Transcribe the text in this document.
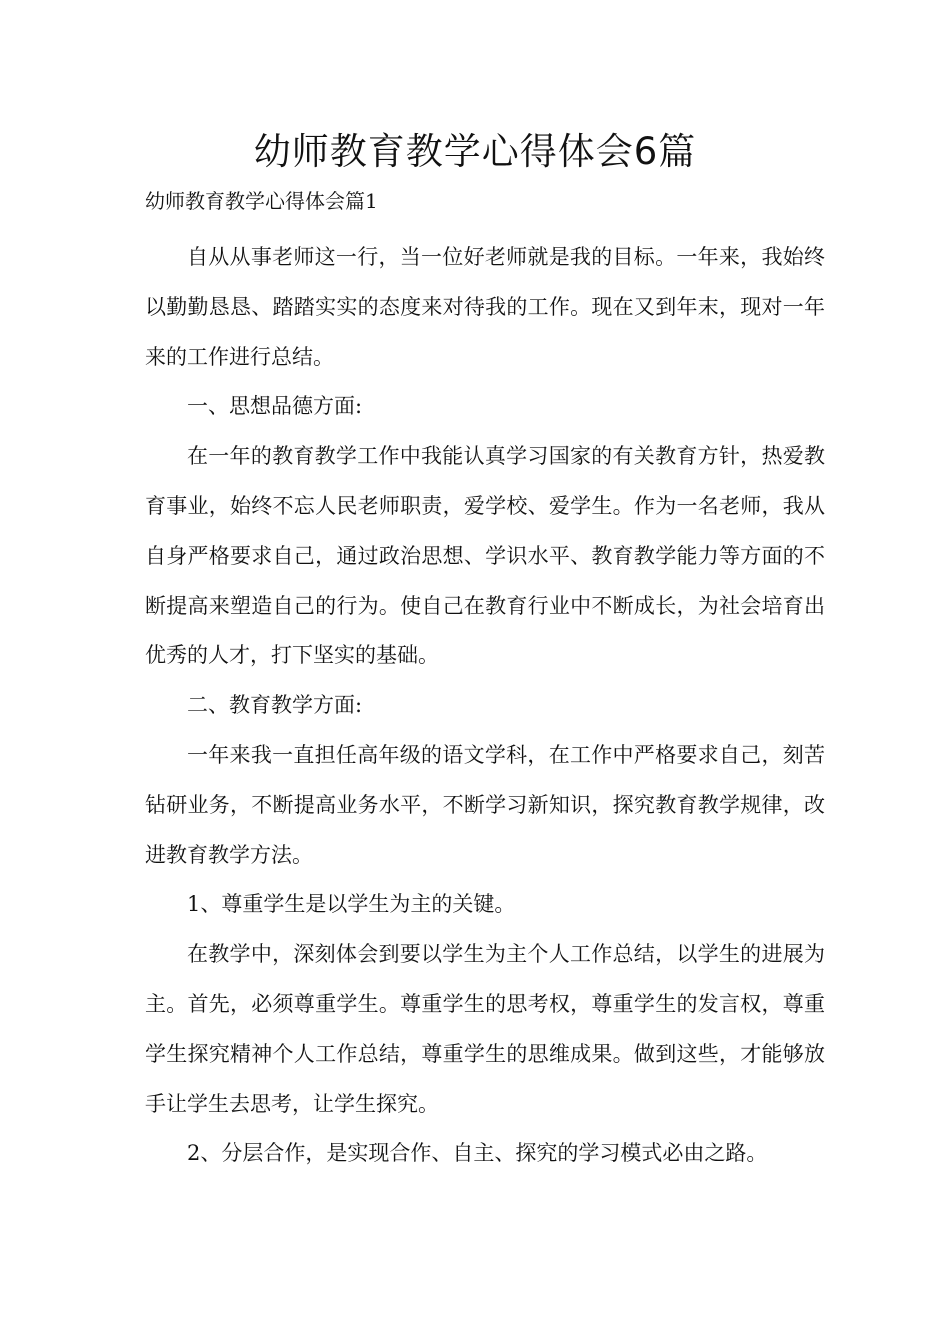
幼师教育教学心得体会6篇
幼师教育教学心得体会篇1

自从从事老师这一行，当一位好老师就是我的目标。一年来，我始终以勤勤恳恳、踏踏实实的态度来对待我的工作。现在又到年末，现对一年来的工作进行总结。

一、思想品德方面:

在一年的教育教学工作中我能认真学习国家的有关教育方针，热爱教育事业，始终不忘人民老师职责，爱学校、爱学生。作为一名老师，我从自身严格要求自己，通过政治思想、学识水平、教育教学能力等方面的不断提高来塑造自己的行为。使自己在教育行业中不断成长，为社会培育出优秀的人才，打下坚实的基础。

二、教育教学方面:

一年来我一直担任高年级的语文学科，在工作中严格要求自己，刻苦钻研业务，不断提高业务水平，不断学习新知识，探究教育教学规律，改进教育教学方法。

1、尊重学生是以学生为主的关键。

在教学中，深刻体会到要以学生为主个人工作总结，以学生的进展为主。首先，必须尊重学生。尊重学生的思考权，尊重学生的发言权，尊重学生探究精神个人工作总结，尊重学生的思维成果。做到这些，才能够放手让学生去思考，让学生探究。

2、分层合作，是实现合作、自主、探究的学习模式必由之路。
